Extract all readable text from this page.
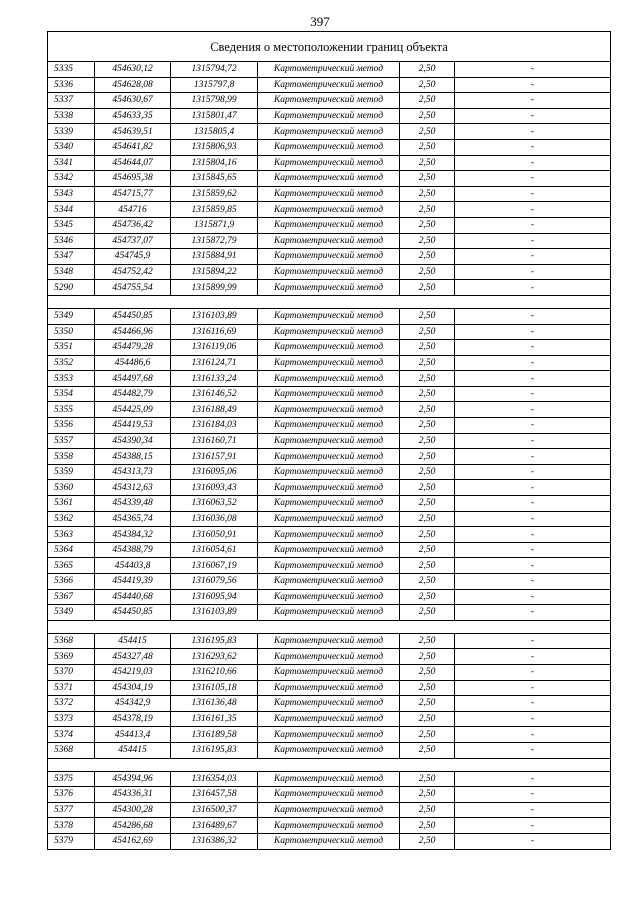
397
Сведения о местоположении границ объекта					
5335	454630,12	1315794,72	Картометрический метод	2,50	-
5336	454628,08	1315797,8	Картометрический метод	2,50	-
5337	454630,67	1315798,99	Картометрический метод	2,50	-
5338	454633,35	1315801,47	Картометрический метод	2,50	-
5339	454639,51	1315805,4	Картометрический метод	2,50	-
5340	454641,82	1315806,93	Картометрический метод	2,50	-
5341	454644,07	1315804,16	Картометрический метод	2,50	-
5342	454695,38	1315845,65	Картометрический метод	2,50	-
5343	454715,77	1315859,62	Картометрический метод	2,50	-
5344	454716	1315859,85	Картометрический метод	2,50	-
5345	454736,42	1315871,9	Картометрический метод	2,50	-
5346	454737,07	1315872,79	Картометрический метод	2,50	-
5347	454745,9	1315884,91	Картометрический метод	2,50	-
5348	454752,42	1315894,22	Картометрический метод	2,50	-
5290	454755,54	1315899,99	Картометрический метод	2,50	-

5349	454450,85	1316103,89	Картометрический метод	2,50	-
5350	454466,96	1316116,69	Картометрический метод	2,50	-
5351	454479,28	1316119,06	Картометрический метод	2,50	-
5352	454486,6	1316124,71	Картометрический метод	2,50	-
5353	454497,68	1316133,24	Картометрический метод	2,50	-
5354	454482,79	1316146,52	Картометрический метод	2,50	-
5355	454425,09	1316188,49	Картометрический метод	2,50	-
5356	454419,53	1316184,03	Картометрический метод	2,50	-
5357	454390,34	1316160,71	Картометрический метод	2,50	-
5358	454388,15	1316157,91	Картометрический метод	2,50	-
5359	454313,73	1316095,06	Картометрический метод	2,50	-
5360	454312,63	1316093,43	Картометрический метод	2,50	-
5361	454339,48	1316063,52	Картометрический метод	2,50	-
5362	454365,74	1316036,08	Картометрический метод	2,50	-
5363	454384,32	1316050,91	Картометрический метод	2,50	-
5364	454388,79	1316054,61	Картометрический метод	2,50	-
5365	454403,8	1316067,19	Картометрический метод	2,50	-
5366	454419,39	1316079,56	Картометрический метод	2,50	-
5367	454440,68	1316095,94	Картометрический метод	2,50	-
5349	454450,85	1316103,89	Картометрический метод	2,50	-

5368	454415	1316195,83	Картометрический метод	2,50	-
5369	454327,48	1316293,62	Картометрический метод	2,50	-
5370	454219,03	1316210,66	Картометрический метод	2,50	-
5371	454304,19	1316105,18	Картометрический метод	2,50	-
5372	454342,9	1316136,48	Картометрический метод	2,50	-
5373	454378,19	1316161,35	Картометрический метод	2,50	-
5374	454413,4	1316189,58	Картометрический метод	2,50	-
5368	454415	1316195,83	Картометрический метод	2,50	-

5375	454394,96	1316354,03	Картометрический метод	2,50	-
5376	454336,31	1316457,58	Картометрический метод	2,50	-
5377	454300,28	1316500,37	Картометрический метод	2,50	-
5378	454286,68	1316489,67	Картометрический метод	2,50	-
5379	454162,69	1316386,32	Картометрический метод	2,50	-
